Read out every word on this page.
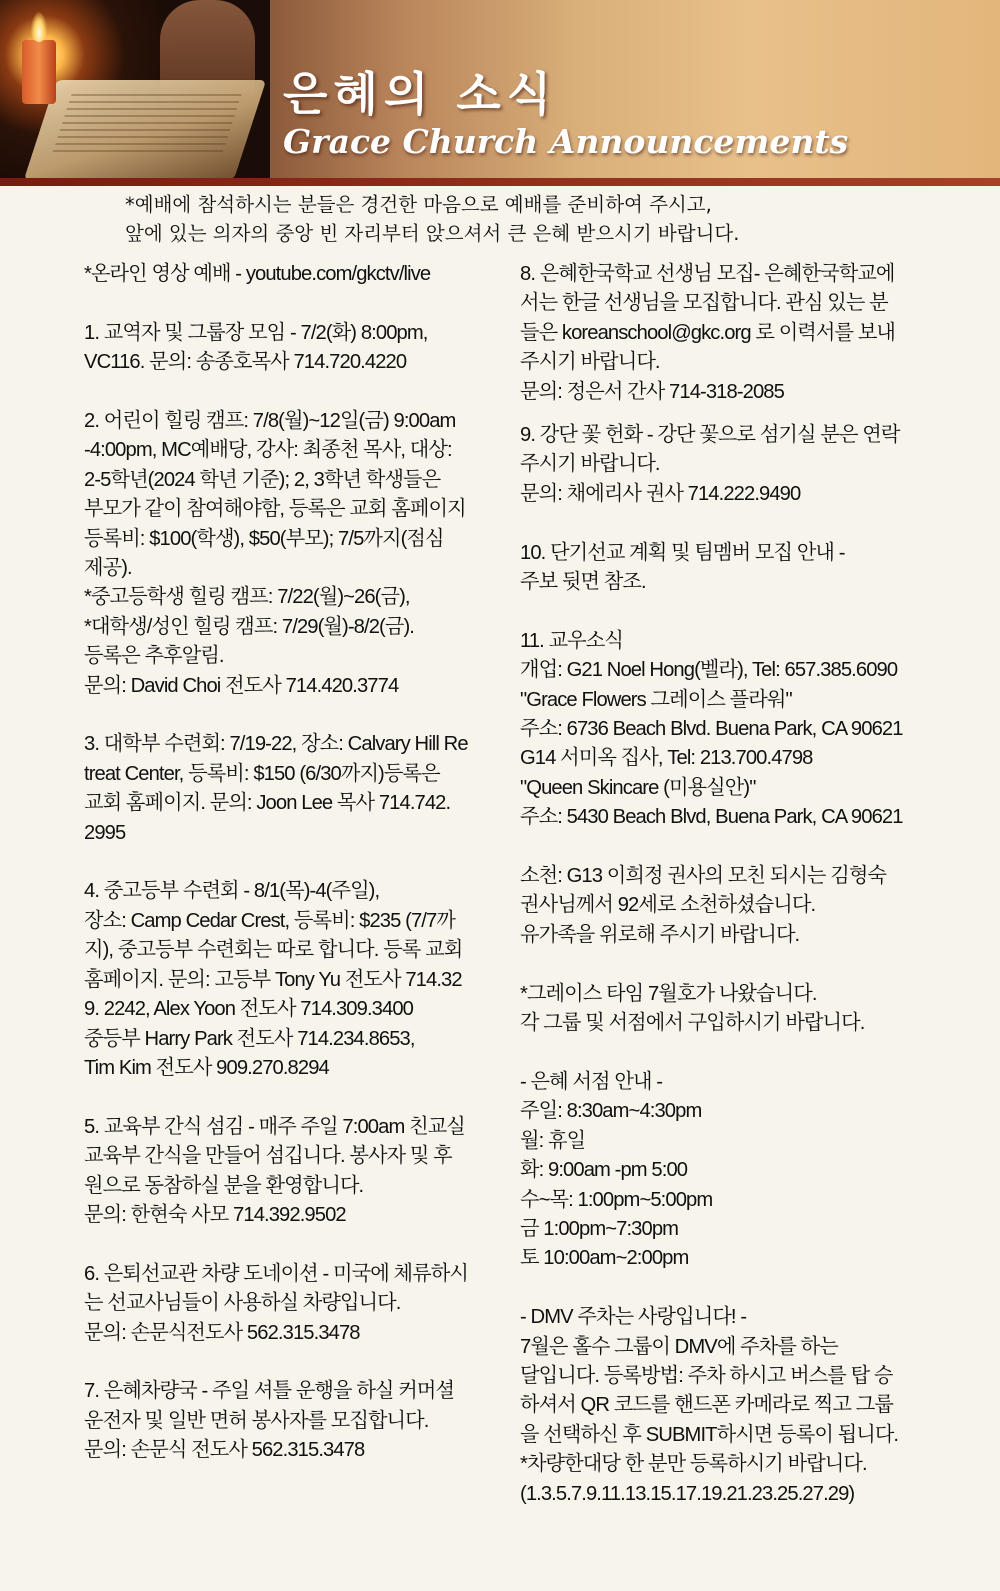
은혜의 소식
Grace Church Announcements
*예배에 참석하시는 분들은 경건한 마음으로 예배를 준비하여 주시고,
앞에 있는 의자의 중앙 빈 자리부터 앉으셔서 큰 은혜 받으시기 바랍니다.
*온라인 영상 예배 - youtube.com/gkctv/live
1. 교역자 및 그룹장 모임 - 7/2(화) 8:00pm,
VC116. 문의: 송종호목사 714.720.4220
2. 어린이 힐링 캠프: 7/8(월)~12일(금) 9:00am
-4:00pm, MC예배당, 강사: 최종천 목사, 대상:
2-5학년(2024 학년 기준); 2, 3학년 학생들은
부모가 같이 참여해야함, 등록은 교회 홈페이지
등록비: $100(학생), $50(부모); 7/5까지(점심
제공).
*중고등학생 힐링 캠프: 7/22(월)~26(금),
*대학생/성인 힐링 캠프: 7/29(월)-8/2(금).
등록은 추후알림.
문의: David Choi 전도사 714.420.3774
3. 대학부 수련회: 7/19-22, 장소: Calvary Hill Re
treat Center, 등록비: $150 (6/30까지)등록은
교회 홈페이지. 문의: Joon Lee 목사 714.742.
2995
4. 중고등부 수련회 - 8/1(목)-4(주일),
장소: Camp Cedar Crest, 등록비: $235 (7/7까
지), 중고등부 수련회는 따로 합니다. 등록 교회
홈페이지. 문의: 고등부 Tony Yu 전도사 714.32
9. 2242, Alex Yoon 전도사 714.309.3400
중등부 Harry Park 전도사 714.234.8653,
Tim Kim 전도사 909.270.8294
5. 교육부 간식 섬김 - 매주 주일 7:00am 친교실
교육부 간식을 만들어 섬깁니다. 봉사자 및 후
원으로 동참하실 분을 환영합니다.
문의: 한현숙 사모 714.392.9502
6. 은퇴선교관 차량 도네이션 - 미국에 체류하시
는 선교사님들이 사용하실 차량입니다.
문의: 손문식전도사 562.315.3478
7. 은혜차량국 - 주일 셔틀 운행을 하실 커머셜
운전자 및 일반 면허 봉사자를 모집합니다.
문의: 손문식 전도사 562.315.3478
8. 은혜한국학교 선생님 모집- 은혜한국학교에
서는 한글 선생님을 모집합니다. 관심 있는 분
들은 koreanschool@gkc.org 로 이력서를 보내
주시기 바랍니다.
문의: 정은서 간사 714-318-2085
9. 강단 꽃 헌화 - 강단 꽃으로 섬기실 분은 연락
주시기 바랍니다.
문의: 채에리사 권사 714.222.9490
10. 단기선교 계획 및 팀멤버 모집 안내 -
주보 뒷면 참조.
11. 교우소식
개업: G21 Noel Hong(벨라), Tel: 657.385.6090
"Grace Flowers 그레이스 플라워"
주소: 6736 Beach Blvd. Buena Park, CA 90621
G14 서미옥 집사, Tel: 213.700.4798
"Queen Skincare (미용실안)"
주소: 5430 Beach Blvd, Buena Park, CA 90621
소천: G13 이희정 권사의 모친 되시는 김형숙
권사님께서 92세로 소천하셨습니다.
유가족을 위로해 주시기 바랍니다.
*그레이스 타임 7월호가 나왔습니다.
각 그룹 및 서점에서 구입하시기 바랍니다.
- 은혜 서점 안내 -
주일: 8:30am~4:30pm
월: 휴일
화: 9:00am -pm 5:00
수~목: 1:00pm~5:00pm
금 1:00pm~7:30pm
토 10:00am~2:00pm
- DMV 주차는 사랑입니다! -
7월은 홀수 그룹이 DMV에 주차를 하는
달입니다. 등록방법: 주차 하시고 버스를 탑 승
하셔서 QR 코드를 핸드폰 카메라로 찍고 그룹
을 선택하신 후 SUBMIT하시면 등록이 됩니다.
*차량한대당 한 분만 등록하시기 바랍니다.
(1.3.5.7.9.11.13.15.17.19.21.23.25.27.29)
